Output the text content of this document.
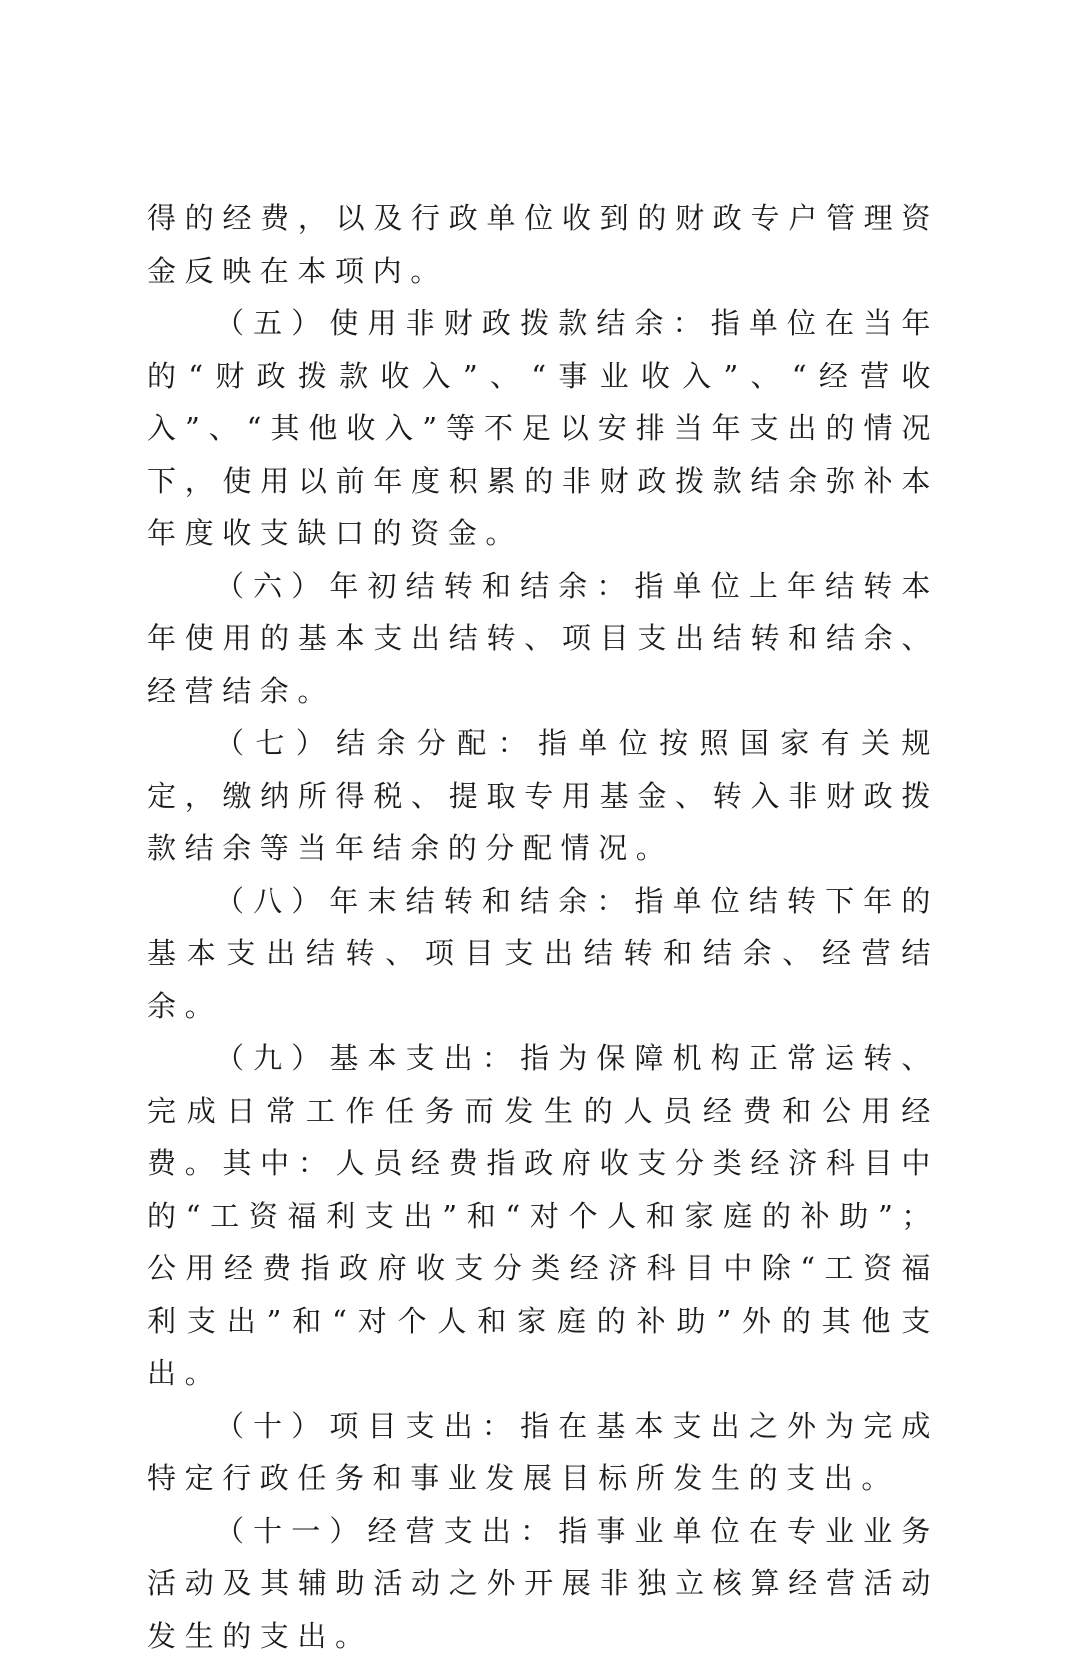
得的经费，以及行政单位收到的财政专户管理资金反映在本项内。

（五）使用非财政拨款结余：指单位在当年的“财政拨款收入”、“事业收入”、“经营收入”、“其他收入”等不足以安排当年支出的情况下，使用以前年度积累的非财政拨款结余弥补本年度收支缺口的资金。

（六）年初结转和结余：指单位上年结转本年使用的基本支出结转、项目支出结转和结余、经营结余。

（七）结余分配：指单位按照国家有关规定，缴纳所得税、提取专用基金、转入非财政拨款结余等当年结余的分配情况。

（八）年末结转和结余：指单位结转下年的基本支出结转、项目支出结转和结余、经营结余。

（九）基本支出：指为保障机构正常运转、完成日常工作任务而发生的人员经费和公用经费。其中：人员经费指政府收支分类经济科目中的“工资福利支出”和“对个人和家庭的补助”；公用经费指政府收支分类经济科目中除“工资福利支出”和“对个人和家庭的补助”外的其他支出。

（十）项目支出：指在基本支出之外为完成特定行政任务和事业发展目标所发生的支出。

（十一）经营支出：指事业单位在专业业务活动及其辅助活动之外开展非独立核算经营活动发生的支出。
